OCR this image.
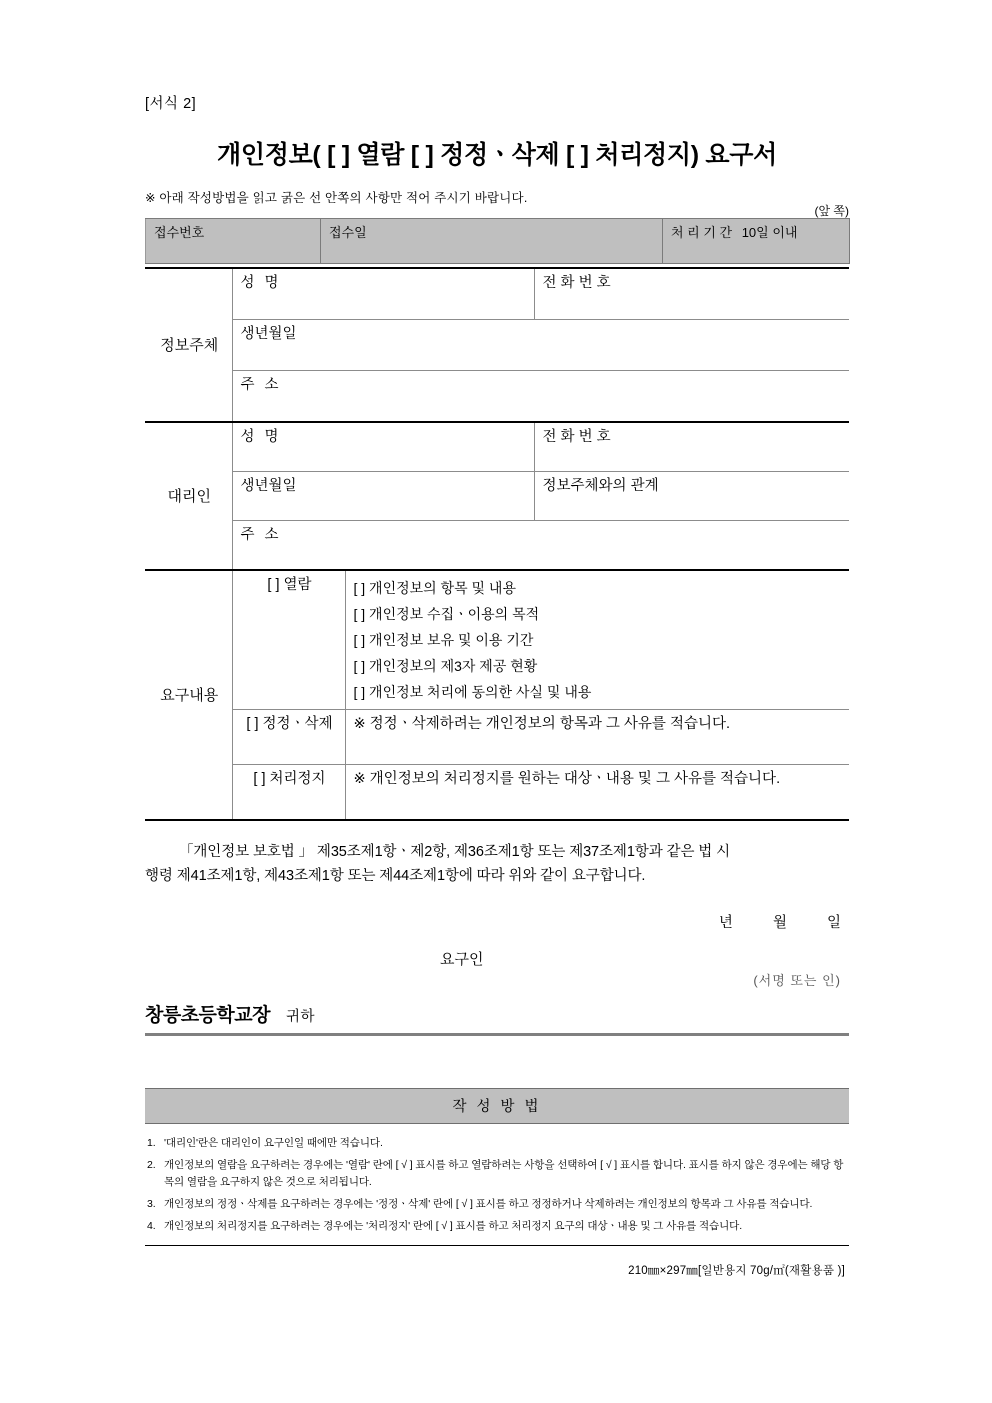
[서식 2]
개인정보( [ ] 열람 [ ] 정정ㆍ삭제 [ ] 처리정지) 요구서
※ 아래 작성방법을 읽고 굵은 선 안쪽의 사항만 적어 주시기 바랍니다.
(앞 쪽)
접수번호	접수일	처 리 기 간 10일 이내
정보주체	성 명		전 화 번 호
	생년월일		
	주 소		
대리인	성 명		전 화 번 호
	생년월일		정보주체와의 관계
	주 소		
요구내용	[ ] 열람	[ ] 개인정보의 항목 및 내용
[ ] 개인정보 수집ㆍ이용의 목적
[ ] 개인정보 보유 및 이용 기간
[ ] 개인정보의 제3자 제공 현황
[ ] 개인정보 처리에 동의한 사실 및 내용	

	[ ] 정정ㆍ삭제	※ 정정ㆍ삭제하려는 개인정보의 항목과 그 사유를 적습니다.	
	[ ] 처리정지	※ 개인정보의 처리정지를 원하는 대상ㆍ내용 및 그 사유를 적습니다.	
「개인정보 보호법 」 제35조제1항ㆍ제2항, 제36조제1항 또는 제37조제1항과 같은 법 시
행령 제41조제1항, 제43조제1항 또는 제44조제1항에 따라 위와 같이 요구합니다.
년	월	일
요구인
(서명 또는 인)
창릉초등학교장 귀하
작 성 방 법
1. '대리인'란은 대리인이 요구인일 때에만 적습니다.
2. 개인정보의 열람을 요구하려는 경우에는 '열람' 란에 [ √ ] 표시를 하고 열람하려는 사항을 선택하여 [ √ ] 표시를 합니다. 표시를 하지 않은 경우에는 해당 항목의 열람을 요구하지 않은 것으로 처리됩니다.
3. 개인정보의 정정ㆍ삭제를 요구하려는 경우에는 '정정ㆍ삭제' 란에 [ √ ] 표시를 하고 정정하거나 삭제하려는 개인정보의 항목과 그 사유를 적습니다.
4. 개인정보의 처리정지를 요구하려는 경우에는 '처리정지' 란에 [ √ ] 표시를 하고 처리정지 요구의 대상ㆍ내용 및 그 사유를 적습니다.
210㎜×297㎜[일반용지 70g/㎡(재활용품 )]
